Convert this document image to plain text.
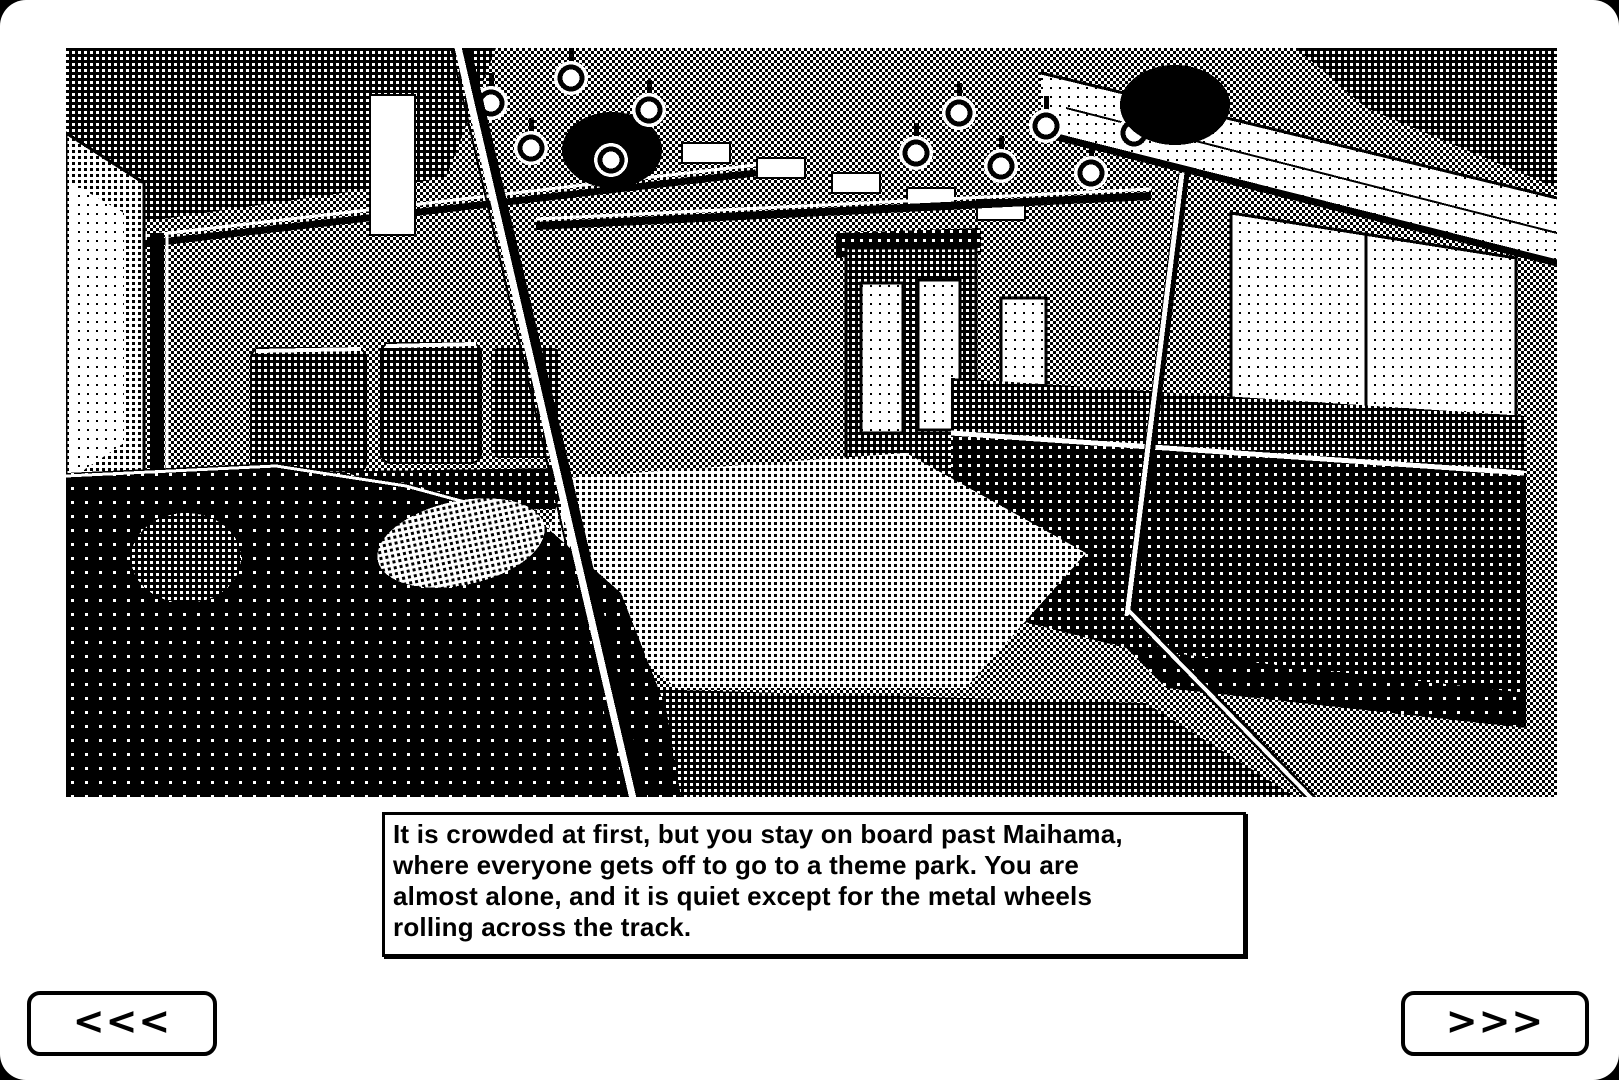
It is crowded at first, but you stay on board past Maihama,
where everyone gets off to go to a theme park. You are
almost alone, and it is quiet except for the metal wheels
rolling across the track.
<<<	>>>
